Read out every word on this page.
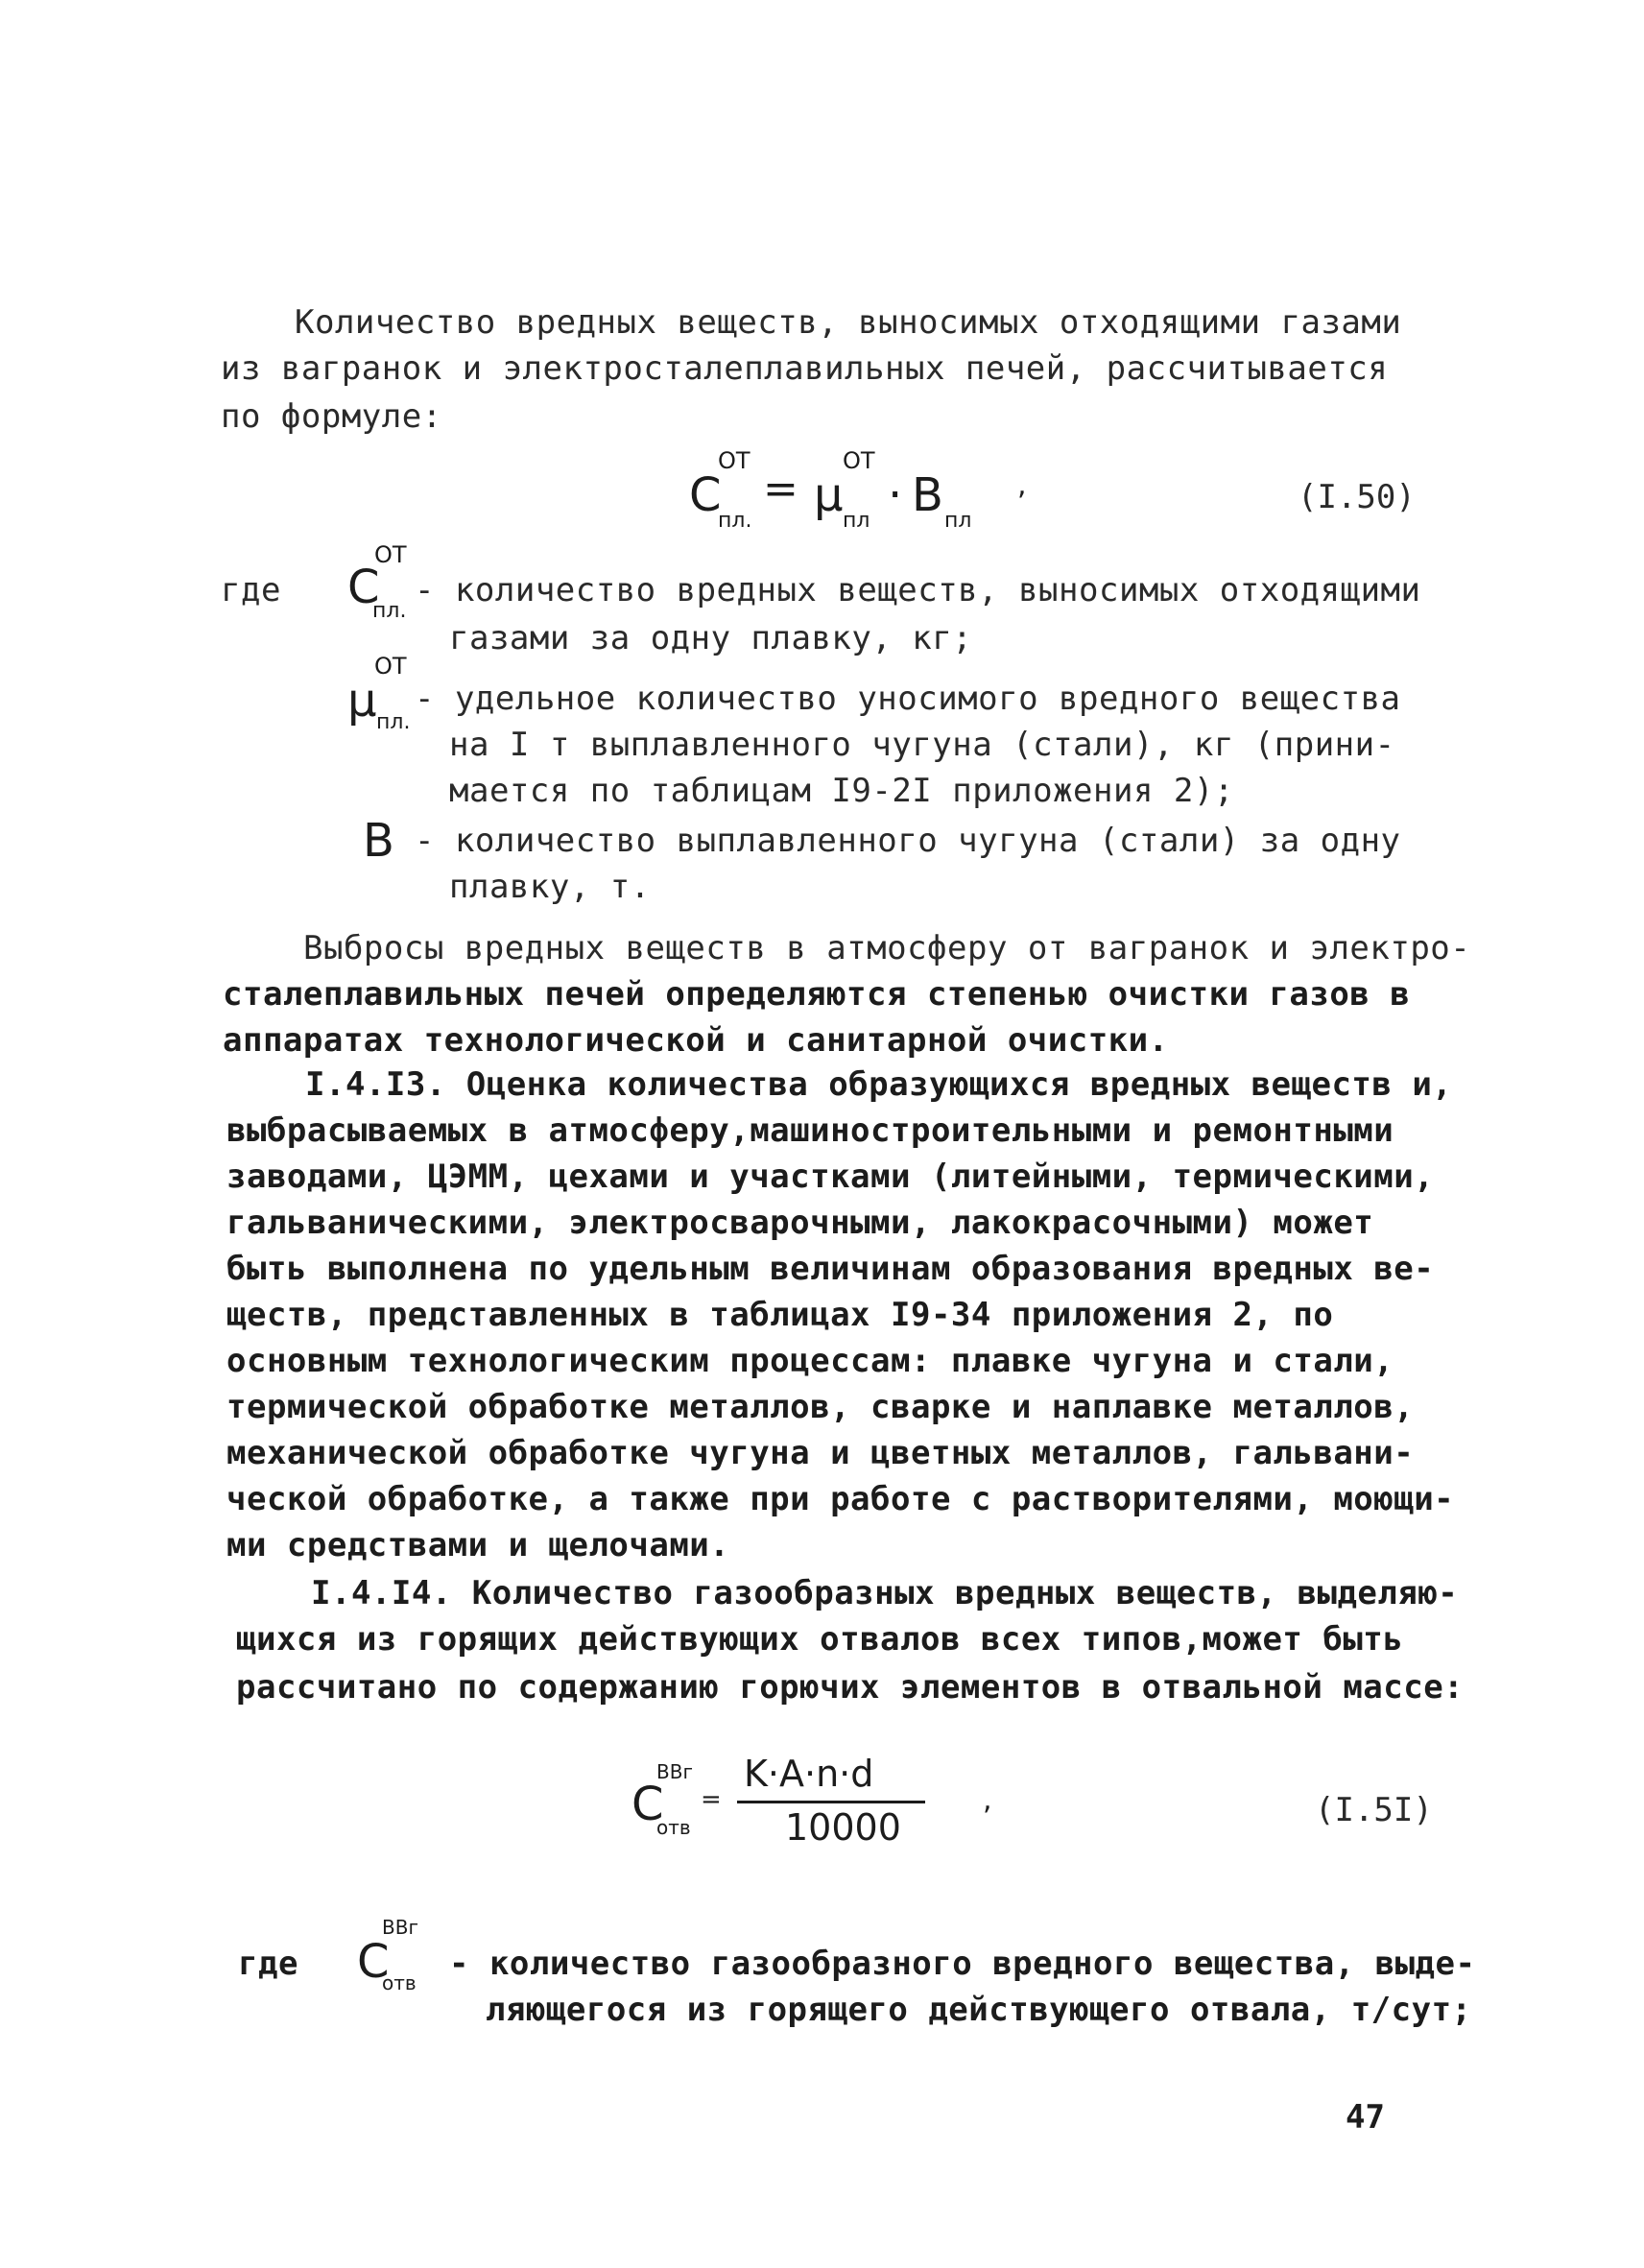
Количество вредных веществ, выносимых отходящими газами
из вагранок и электросталеплавильных печей, рассчитывается
по формуле:
C
ОТ
пл.
= μ
ОТ
пл · В пл
,	(I.50)
где C
ОТ
пл.
- количество вредных веществ, выносимых отходящими
газами за одну плавку, кг;
μ
ОТ
пл.
- удельное количество уносимого вредного вещества
на I т выплавленного чугуна (стали), кг (прини-
мается по таблицам I9-2I приложения 2);
В - количество выплавленного чугуна (стали) за одну
плавку, т.
Выбросы вредных веществ в атмосферу от вагранок и электро-
сталеплавильных печей определяются степенью очистки газов в
аппаратах технологической и санитарной очистки.
I.4.I3. Оценка количества образующихся вредных веществ и,
выбрасываемых в атмосферу,машиностроительными и ремонтными
заводами, ЦЭММ, цехами и участками (литейными, термическими,
гальваническими, электросварочными, лакокрасочными) может
быть выполнена по удельным величинам образования вредных ве-
ществ, представленных в таблицах I9-34 приложения 2, по
основным технологическим процессам: плавке чугуна и стали,
термической обработке металлов, сварке и наплавке металлов,
механической обработке чугуна и цветных металлов, гальвани-
ческой обработке, а также при работе с растворителями, моющи-
ми средствами и щелочами.
I.4.I4. Количество газообразных вредных веществ, выделяю-
щихся из горящих действующих отвалов всех типов,может быть
рассчитано по содержанию горючих элементов в отвальной массе:
C
ВВг
отв
=
K·A·n·d
10000
,	(I.5I)
где C
ВВг
отв - количество газообразного вредного вещества, выде-
ляющегося из горящего действующего отвала, т/сут;
47
